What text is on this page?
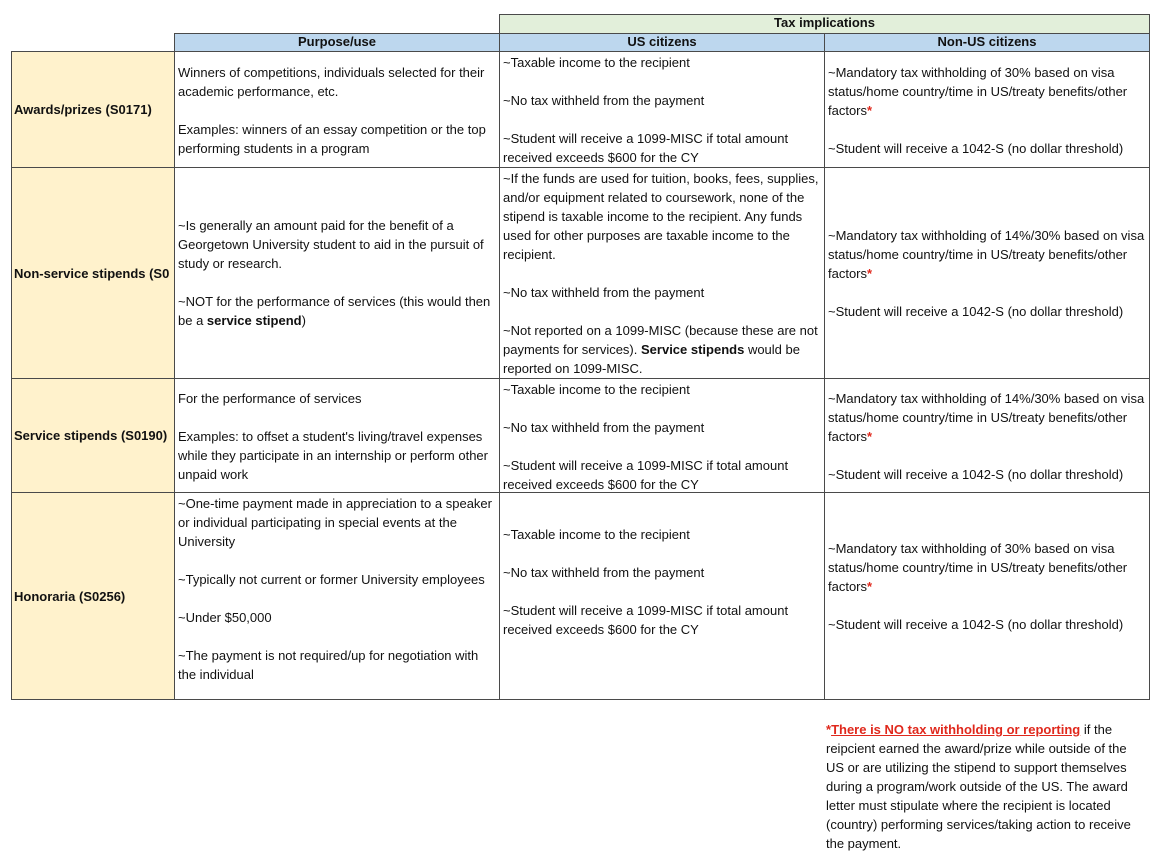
Tax implications
Purpose/use	US citizens	Non-US citizens
Awards/prizes (S0171)

Winners of competitions, individuals selected for their academic performance, etc.

Examples: winners of an essay competition or the top performing students in a program

~Taxable income to the recipient

~No tax withheld from the payment

~Student will receive a 1099-MISC if total amount received exceeds $600 for the CY

~Mandatory tax withholding of 30% based on visa status/home country/time in US/treaty benefits/other factors*

~Student will receive a 1042-S (no dollar threshold)

Non-service stipends (S0

~Is generally an amount paid for the benefit of a Georgetown University student to aid in the pursuit of study or research.

~NOT for the performance of services (this would then be a service stipend)

~If the funds are used for tuition, books, fees, supplies, and/or equipment related to coursework, none of the stipend is taxable income to the recipient. Any funds used for other purposes are taxable income to the recipient.

~No tax withheld from the payment

~Not reported on a 1099-MISC (because these are not payments for services). Service stipends would be reported on 1099-MISC.

~Mandatory tax withholding of 14%/30% based on visa status/home country/time in US/treaty benefits/other factors*

~Student will receive a 1042-S (no dollar threshold)

Service stipends (S0190)

For the performance of services

Examples: to offset a student's living/travel expenses while they participate in an internship or perform other unpaid work

~Taxable income to the recipient

~No tax withheld from the payment

~Student will receive a 1099-MISC if total amount received exceeds $600 for the CY

~Mandatory tax withholding of 14%/30% based on visa status/home country/time in US/treaty benefits/other factors*

~Student will receive a 1042-S (no dollar threshold)

Honoraria (S0256)

~One-time payment made in appreciation to a speaker or individual participating in special events at the University

~Typically not current or former University employees

~Under $50,000

~The payment is not required/up for negotiation with the individual

~Taxable income to the recipient

~No tax withheld from the payment

~Student will receive a 1099-MISC if total amount received exceeds $600 for the CY

~Mandatory tax withholding of 30% based on visa status/home country/time in US/treaty benefits/other factors*

~Student will receive a 1042-S (no dollar threshold)

*There is NO tax withholding or reporting if the reipcient earned the award/prize while outside of the US or are utilizing the stipend to support themselves during a program/work outside of the US. The award letter must stipulate where the recipient is located (country) performing services/taking action to receive the payment.
